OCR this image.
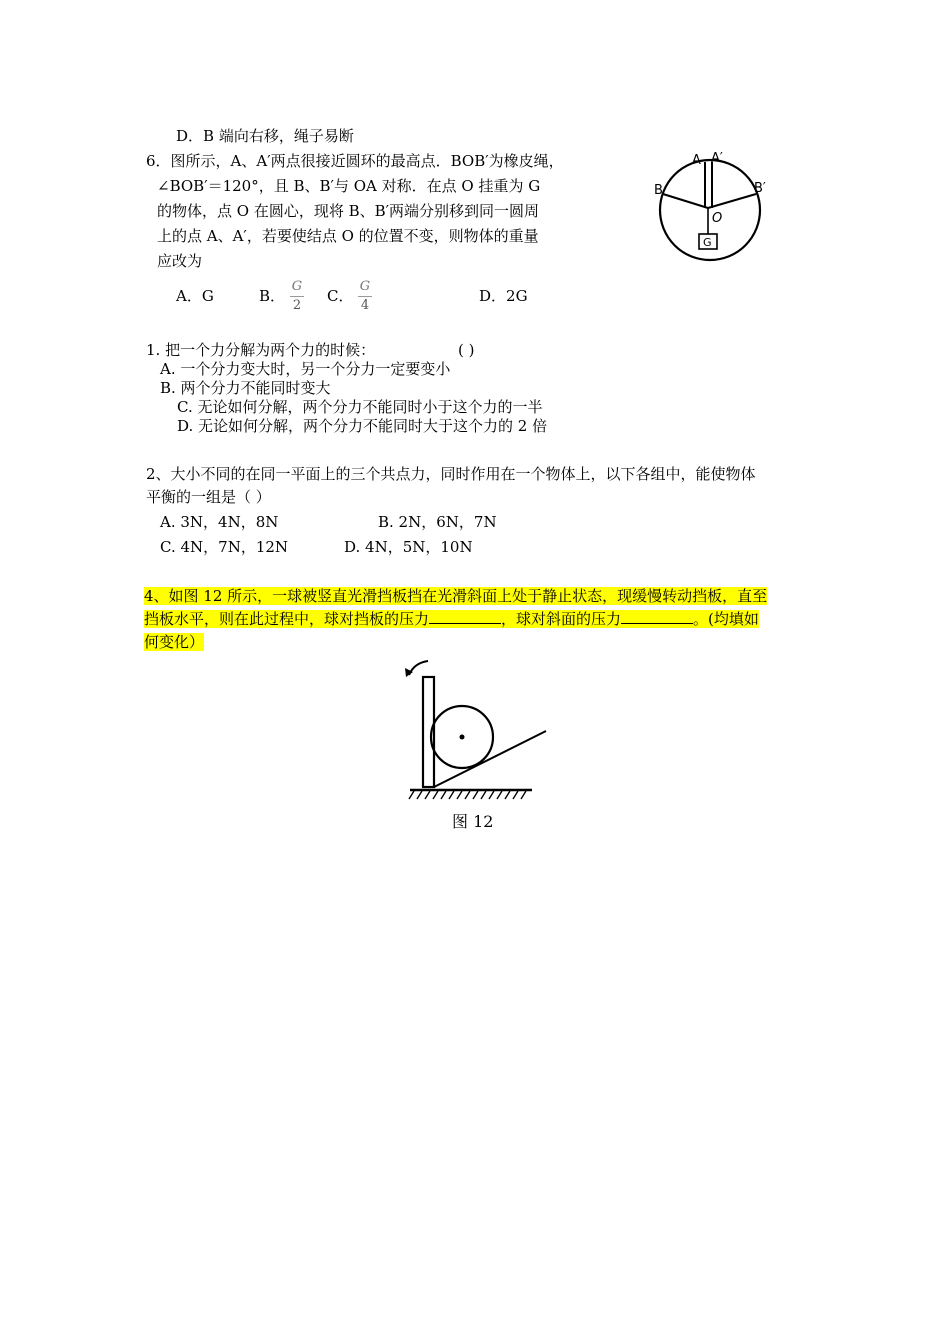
D．B 端向右移，绳子易断
6．图所示，A、A′两点很接近圆环的最高点．BOB′为橡皮绳，
∠BOB′＝120°，且 B、B′与 OA 对称．在点 O 挂重为 G
的物体，点 O 在圆心，现将 B、B′两端分别移到同一圆周
上的点 A、A′，若要使结点 O 的位置不变，则物体的重量
应改为
A．G	B．
G
2
C．
G
4
D．2G
A A′
B	B′
O
G
1. 把一个力分解为两个力的时候：	( )
A. 一个分力变大时，另一个分力一定要变小
B. 两个分力不能同时变大
C. 无论如何分解，两个分力不能同时小于这个力的一半
D. 无论如何分解，两个分力不能同时大于这个力的 2 倍
2、大小不同的在同一平面上的三个共点力，同时作用在一个物体上，以下各组中，能使物体
平衡的一组是（ ）
A. 3N，4N，8N	B. 2N，6N，7N
C. 4N，7N，12N	D. 4N，5N，10N
4、如图 12 所示，一球被竖直光滑挡板挡在光滑斜面上处于静止状态，现缓慢转动挡板，直至
挡板水平，则在此过程中，球对挡板的压力	，球对斜面的压力	。(均填如
何变化）
图 12
